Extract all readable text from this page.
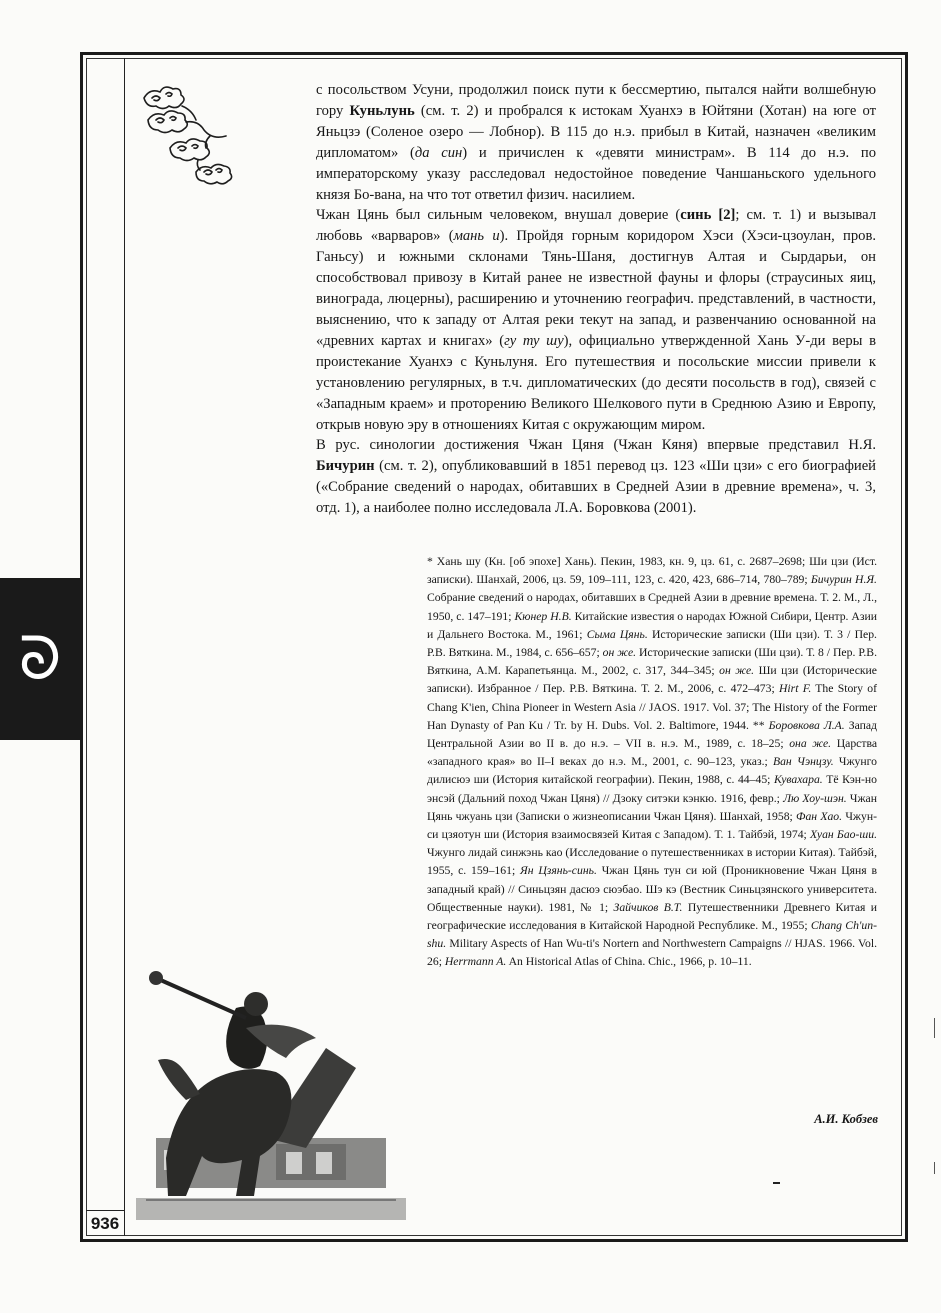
ᘐ
936

с посольством Усуни, продолжил поиск пути к бессмертию, пытался найти волшебную гору Куньлунь (см. т. 2) и пробрался к истокам Хуанхэ в Юйтяни (Хотан) на юге от Яньцзэ (Соленое озеро — Лобнор). В 115 до н.э. прибыл в Китай, назначен «великим дипломатом» (да син) и причислен к «девяти министрам». В 114 до н.э. по императорскому указу расследовал недостойное поведение Чаншаньского удельного князя Бо-вана, на что тот ответил физич. насилием.

Чжан Цянь был сильным человеком, внушал доверие (синь [2]; см. т. 1) и вызывал любовь «варваров» (мань и). Пройдя горным коридором Хэси (Хэси-цзоулан, пров. Ганьсу) и южными склонами Тянь-Шаня, достигнув Алтая и Сырдарьи, он способствовал привозу в Китай ранее не известной фауны и флоры (страусиных яиц, винограда, люцерны), расширению и уточнению географич. представлений, в частности, выяснению, что к западу от Алтая реки текут на запад, и развенчанию основанной на «древних картах и книгах» (гу ту шу), официально утвержденной Хань У-ди веры в проистекание Хуанхэ с Куньлуня. Его путешествия и посольские миссии привели к установлению регулярных, в т.ч. дипломатических (до десяти посольств в год), связей с «Западным краем» и проторению Великого Шелкового пути в Среднюю Азию и Европу, открыв новую эру в отношениях Китая с окружающим миром.

В рус. синологии достижения Чжан Цяня (Чжан Кяня) впервые представил Н.Я. Бичурин (см. т. 2), опубликовавший в 1851 перевод цз. 123 «Ши цзи» с его биографией («Собрание сведений о народах, обитавших в Средней Азии в древние времена», ч. 3, отд. 1), а наиболее полно исследовала Л.А. Боровкова (2001).

* Хань шу (Кн. [об эпохе] Хань). Пекин, 1983, кн. 9, цз. 61, с. 2687–2698; Ши цзи (Ист. записки). Шанхай, 2006, цз. 59, 109–111, 123, с. 420, 423, 686–714, 780–789; Бичурин Н.Я. Собрание сведений о народах, обитавших в Средней Азии в древние времена. Т. 2. М., Л., 1950, с. 147–191; Кюнер Н.В. Китайские известия о народах Южной Сибири, Центр. Азии и Дальнего Востока. М., 1961; Сыма Цянь. Исторические записки (Ши цзи). Т. 3 / Пер. Р.В. Вяткина. М., 1984, с. 656–657; он же. Исторические записки (Ши цзи). Т. 8 / Пер. Р.В. Вяткина, А.М. Карапетьянца. М., 2002, с. 317, 344–345; он же. Ши цзи (Исторические записки). Избранное / Пер. Р.В. Вяткина. Т. 2. М., 2006, с. 472–473; Hirt F. The Story of Chang K'ien, China Pioneer in Western Asia // JAOS. 1917. Vol. 37; The History of the Former Han Dynasty of Pan Ku / Tr. by H. Dubs. Vol. 2. Baltimore, 1944. ** Боровкова Л.А. Запад Центральной Азии во II в. до н.э. – VII в. н.э. М., 1989, с. 18–25; она же. Царства «западного края» во II–I веках до н.э. М., 2001, с. 90–123, указ.; Ван Чэнцзу. Чжунго дилисюэ ши (История китайской географии). Пекин, 1988, с. 44–45; Кувахара. Тё Кэн-но энсэй (Дальний поход Чжан Цяня) // Дзоку ситэки кэнкю. 1916, февр.; Лю Хоу-шэн. Чжан Цянь чжуань цзи (Записки о жизнеописании Чжан Цяня). Шанхай, 1958; Фан Хао. Чжун-си цзяотун ши (История взаимосвязей Китая с Западом). Т. 1. Тайбэй, 1974; Хуан Бао-ши. Чжунго лидай синжэнь као (Исследование о путешественниках в истории Китая). Тайбэй, 1955, с. 159–161; Ян Цзянь-синь. Чжан Цянь тун си юй (Проникновение Чжан Цяня в западный край) // Синьцзян дасюэ сюэбао. Шэ кэ (Вестник Синьцзянского университета. Общественные науки). 1981, № 1; Зайчиков В.Т. Путешественники Древнего Китая и географические исследования в Китайской Народной Республике. М., 1955; Chang Ch'un-shu. Military Aspects of Han Wu-ti's Nortern and Northwestern Campaigns // HJAS. 1966. Vol. 26; Herrmann A. An Historical Atlas of China. Chic., 1966, p. 10–11.

А.И. Кобзев
